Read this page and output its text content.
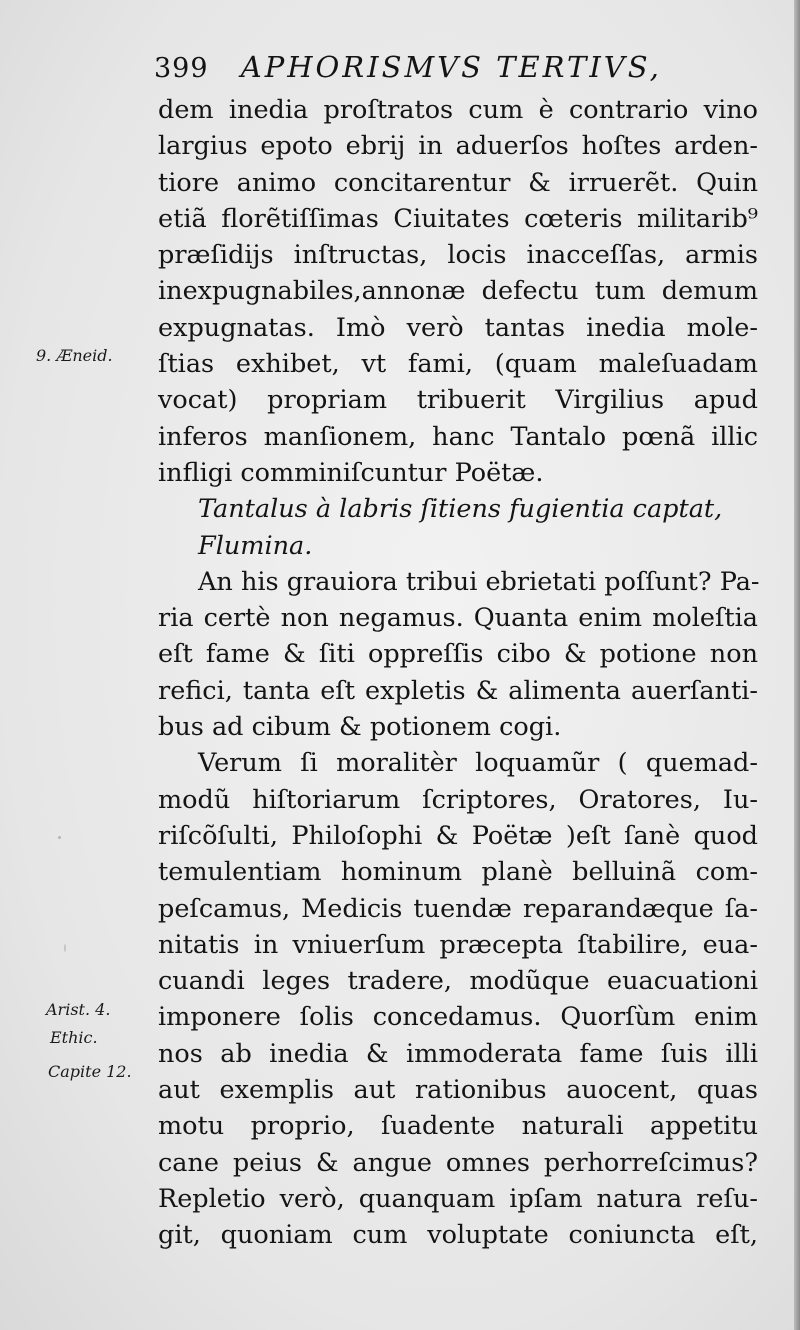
399 APHORISMVS TERTIVS,
dem inedia proſtratos cum è contrario vino
largius epoto ebrij in aduerſos hoſtes arden-
tiore animo concitarentur & irruerẽt. Quin
etiã florẽtiſſimas Ciuitates cœteris militarib⁹
præſidijs inſtructas, locis inacceſſas, armis
inexpugnabiles,annonæ defectu tum demum
expugnatas. Imò verò tantas inedia mole-
ſtias exhibet, vt fami, (quam maleſuadam
vocat) propriam tribuerit Virgilius apud
inferos manſionem, hanc Tantalo pœnã illic
infligi comminiſcuntur Poëtæ.
Tantalus à labris ſitiens fugientia captat,
Flumina.
An his grauiora tribui ebrietati poſſunt? Pa-
ria certè non negamus. Quanta enim moleſtia
eſt fame & ſiti oppreſſis cibo & potione non
refici, tanta eſt expletis & alimenta auerſanti-
bus ad cibum & potionem cogi.
Verum ſi moralitèr loquamũr ( quemad-
modũ hiſtoriarum ſcriptores, Oratores, Iu-
riſcõſulti, Philoſophi & Poëtæ )eſt ſanè quod
temulentiam hominum planè belluinã com-
peſcamus, Medicis tuendæ reparandæque ſa-
nitatis in vniuerſum præcepta ſtabilire, eua-
cuandi leges tradere, modũque euacuationi
imponere ſolis concedamus. Quorſùm enim
nos ab inedia & immoderata fame ſuis illi
aut exemplis aut rationibus auocent, quas
motu proprio, ſuadente naturali appetitu
cane peius & angue omnes perhorreſcimus?
Repletio verò, quanquam ipſam natura reſu-
git, quoniam cum voluptate coniuncta eſt,
9. Æneid.
Arist. 4.
Ethic.
Capite 12.
